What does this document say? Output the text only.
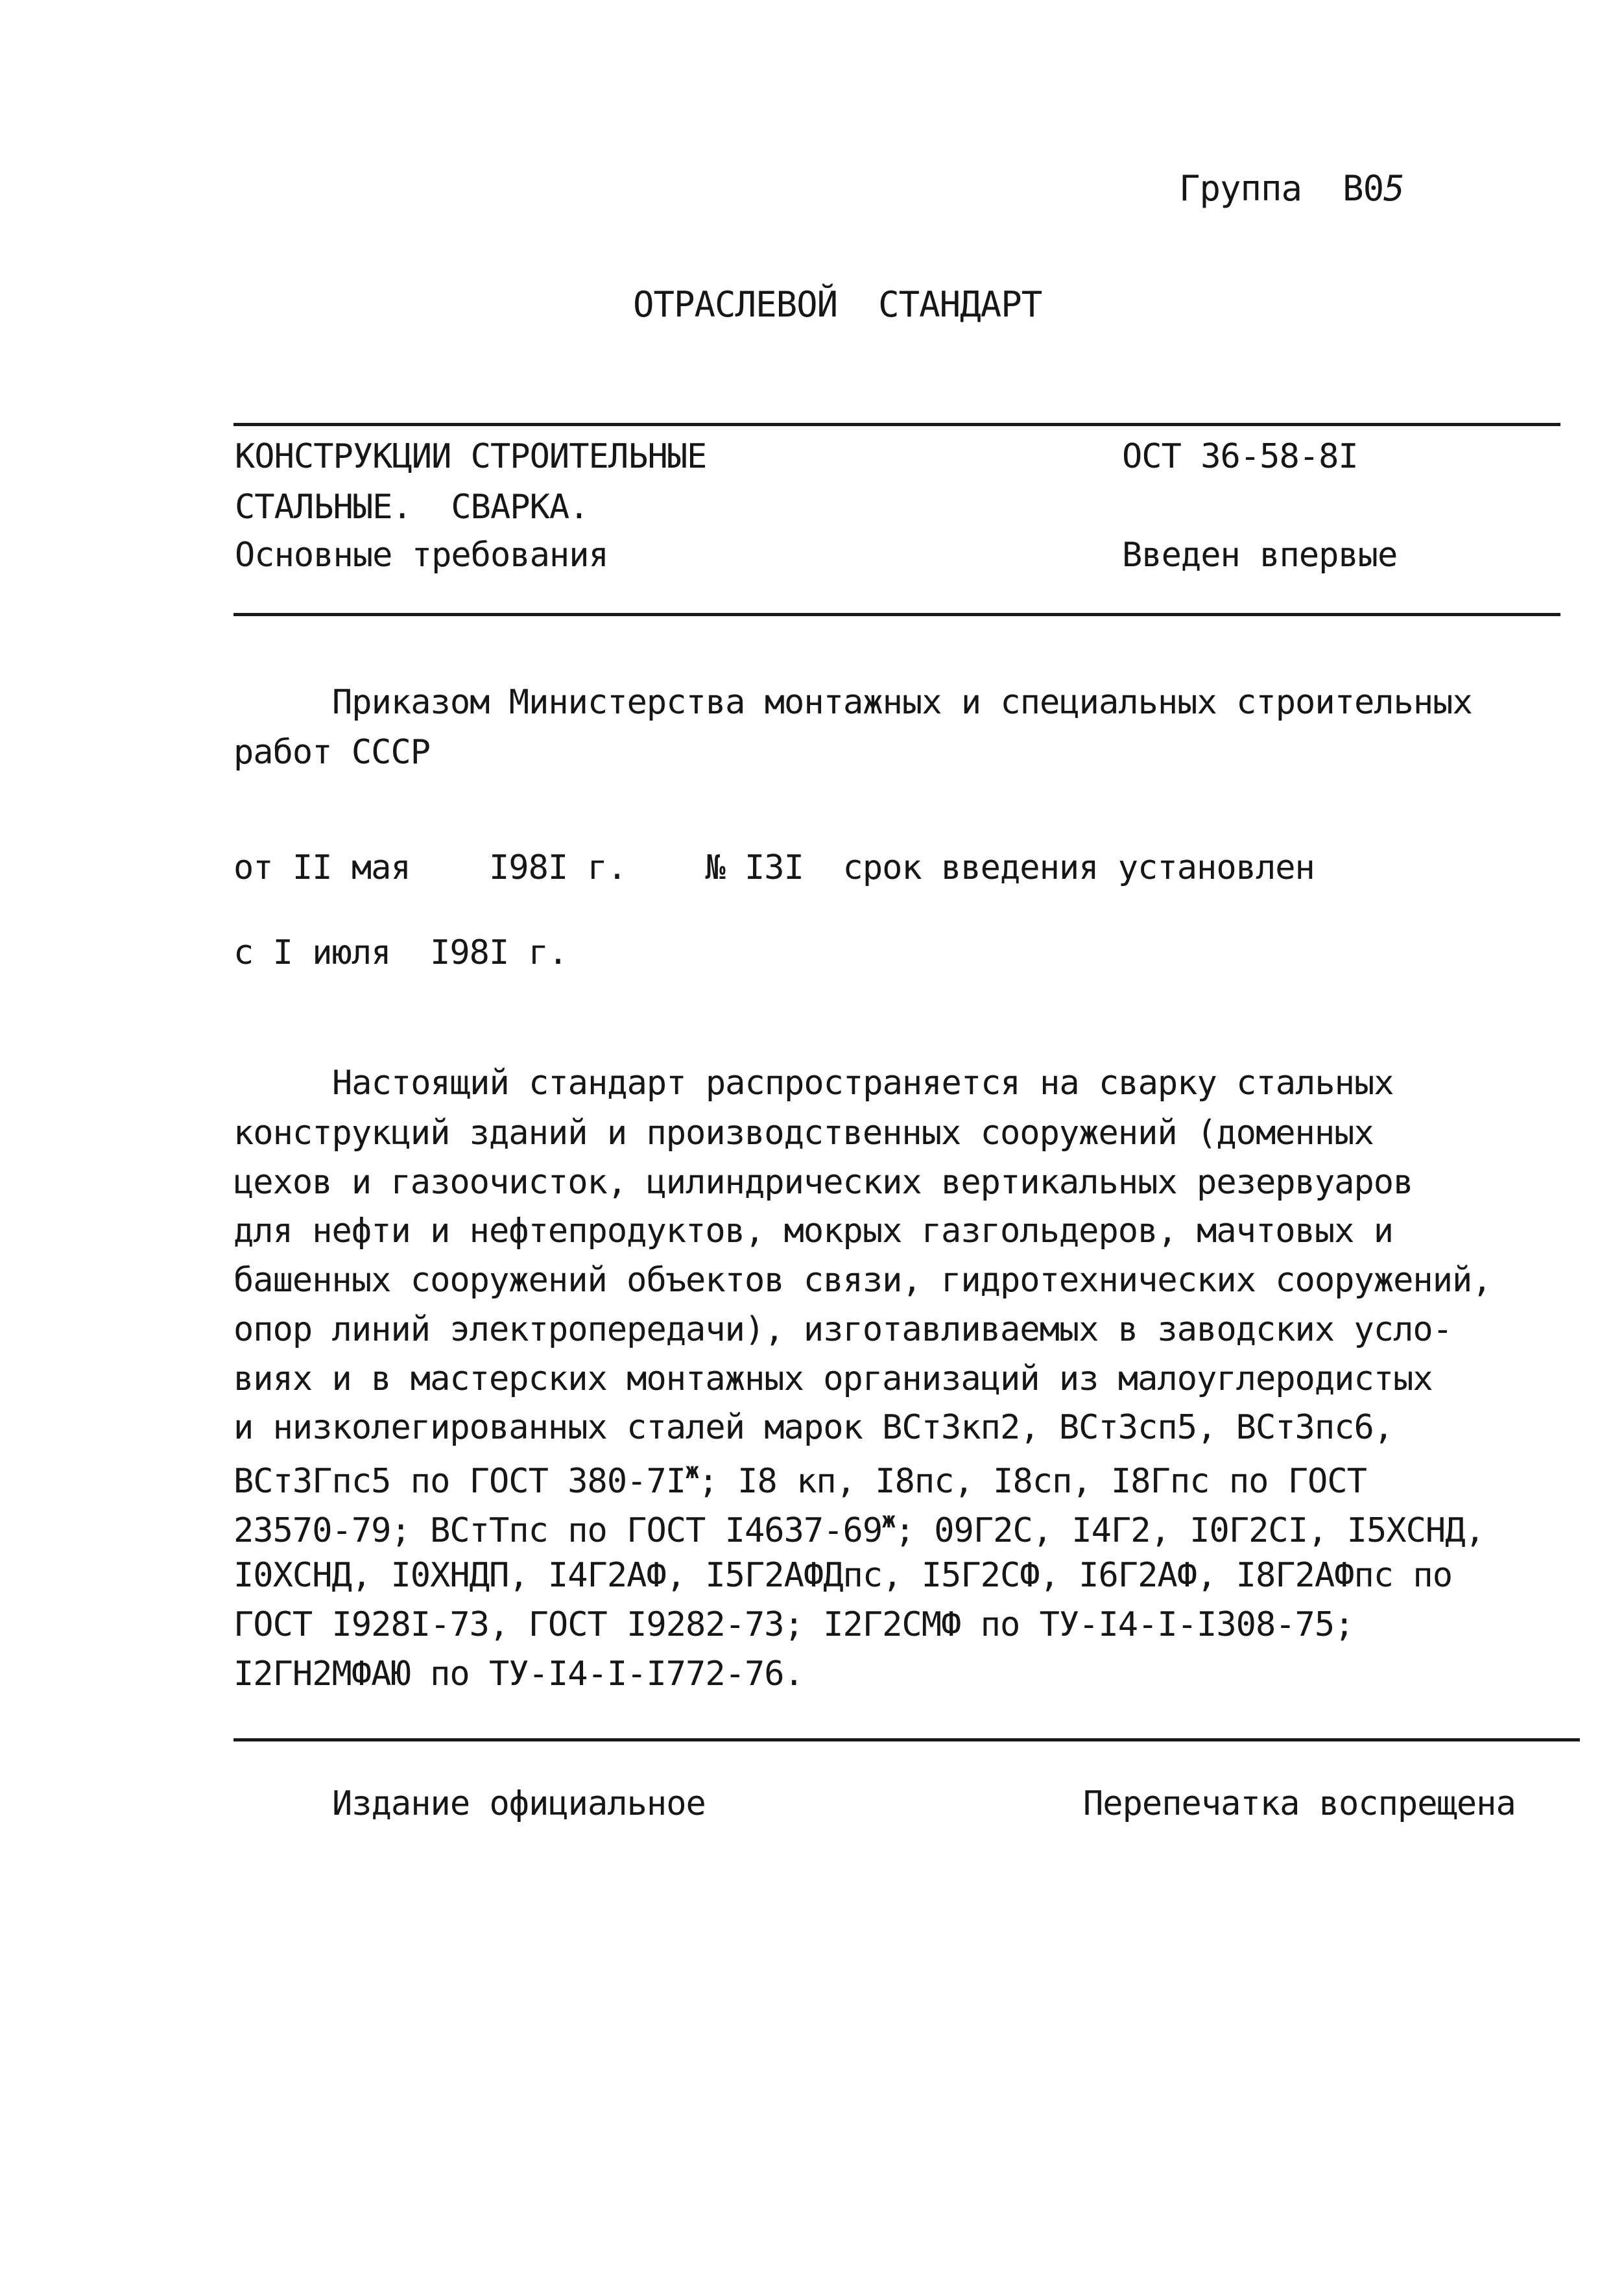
Группа В05
ОТРАСЛЕВОЙ  СТАНДАРТ
КОНСТРУКЦИИ СТРОИТЕЛЬНЫЕ
СТАЛЬНЫЕ.  СВАРКА.
Основные требования
ОСТ 36-58-8I
Введен впервые
Приказом Министерства монтажных и специальных строительных
работ СССР
от II мая    I98I г.    № I3I  срок введения установлен
с I июля  I98I г.
Настоящий стандарт распространяется на сварку стальных
конструкций зданий и производственных сооружений (доменных
цехов и газоочисток, цилиндрических вертикальных резервуаров
для нефти и нефтепродуктов, мокрых газгольдеров, мачтовых и
башенных сооружений объектов связи, гидротехнических сооружений,
опор линий электропередачи), изготавливаемых в заводских усло-
виях и в мастерских монтажных организаций из малоуглеродистых
и низколегированных сталей марок ВСт3кп2, ВСт3сп5, ВСт3пс6,
ВСт3Гпс5 по ГОСТ $380-7I^ж$; I8 кп, I8пс, I8сп, I8Гпс по ГОСТ
23570-79; ВСтТпс по ГОСТ $I4637-69^ж$; 09Г2С, I4Г2, I0Г2СI, I5ХСНД,
I0ХСНД, I0ХНДП, I4Г2АФ, I5Г2АФДпс, I5Г2СФ, I6Г2АФ, I8Г2АФпс по
ГОСТ I928I-73, ГОСТ I9282-73; I2Г2СМФ по ТУ-I4-I-I308-75;
I2ГН2МФАЮ по ТУ-I4-I-I772-76.
Издание официальное	Перепечатка воспрещена
